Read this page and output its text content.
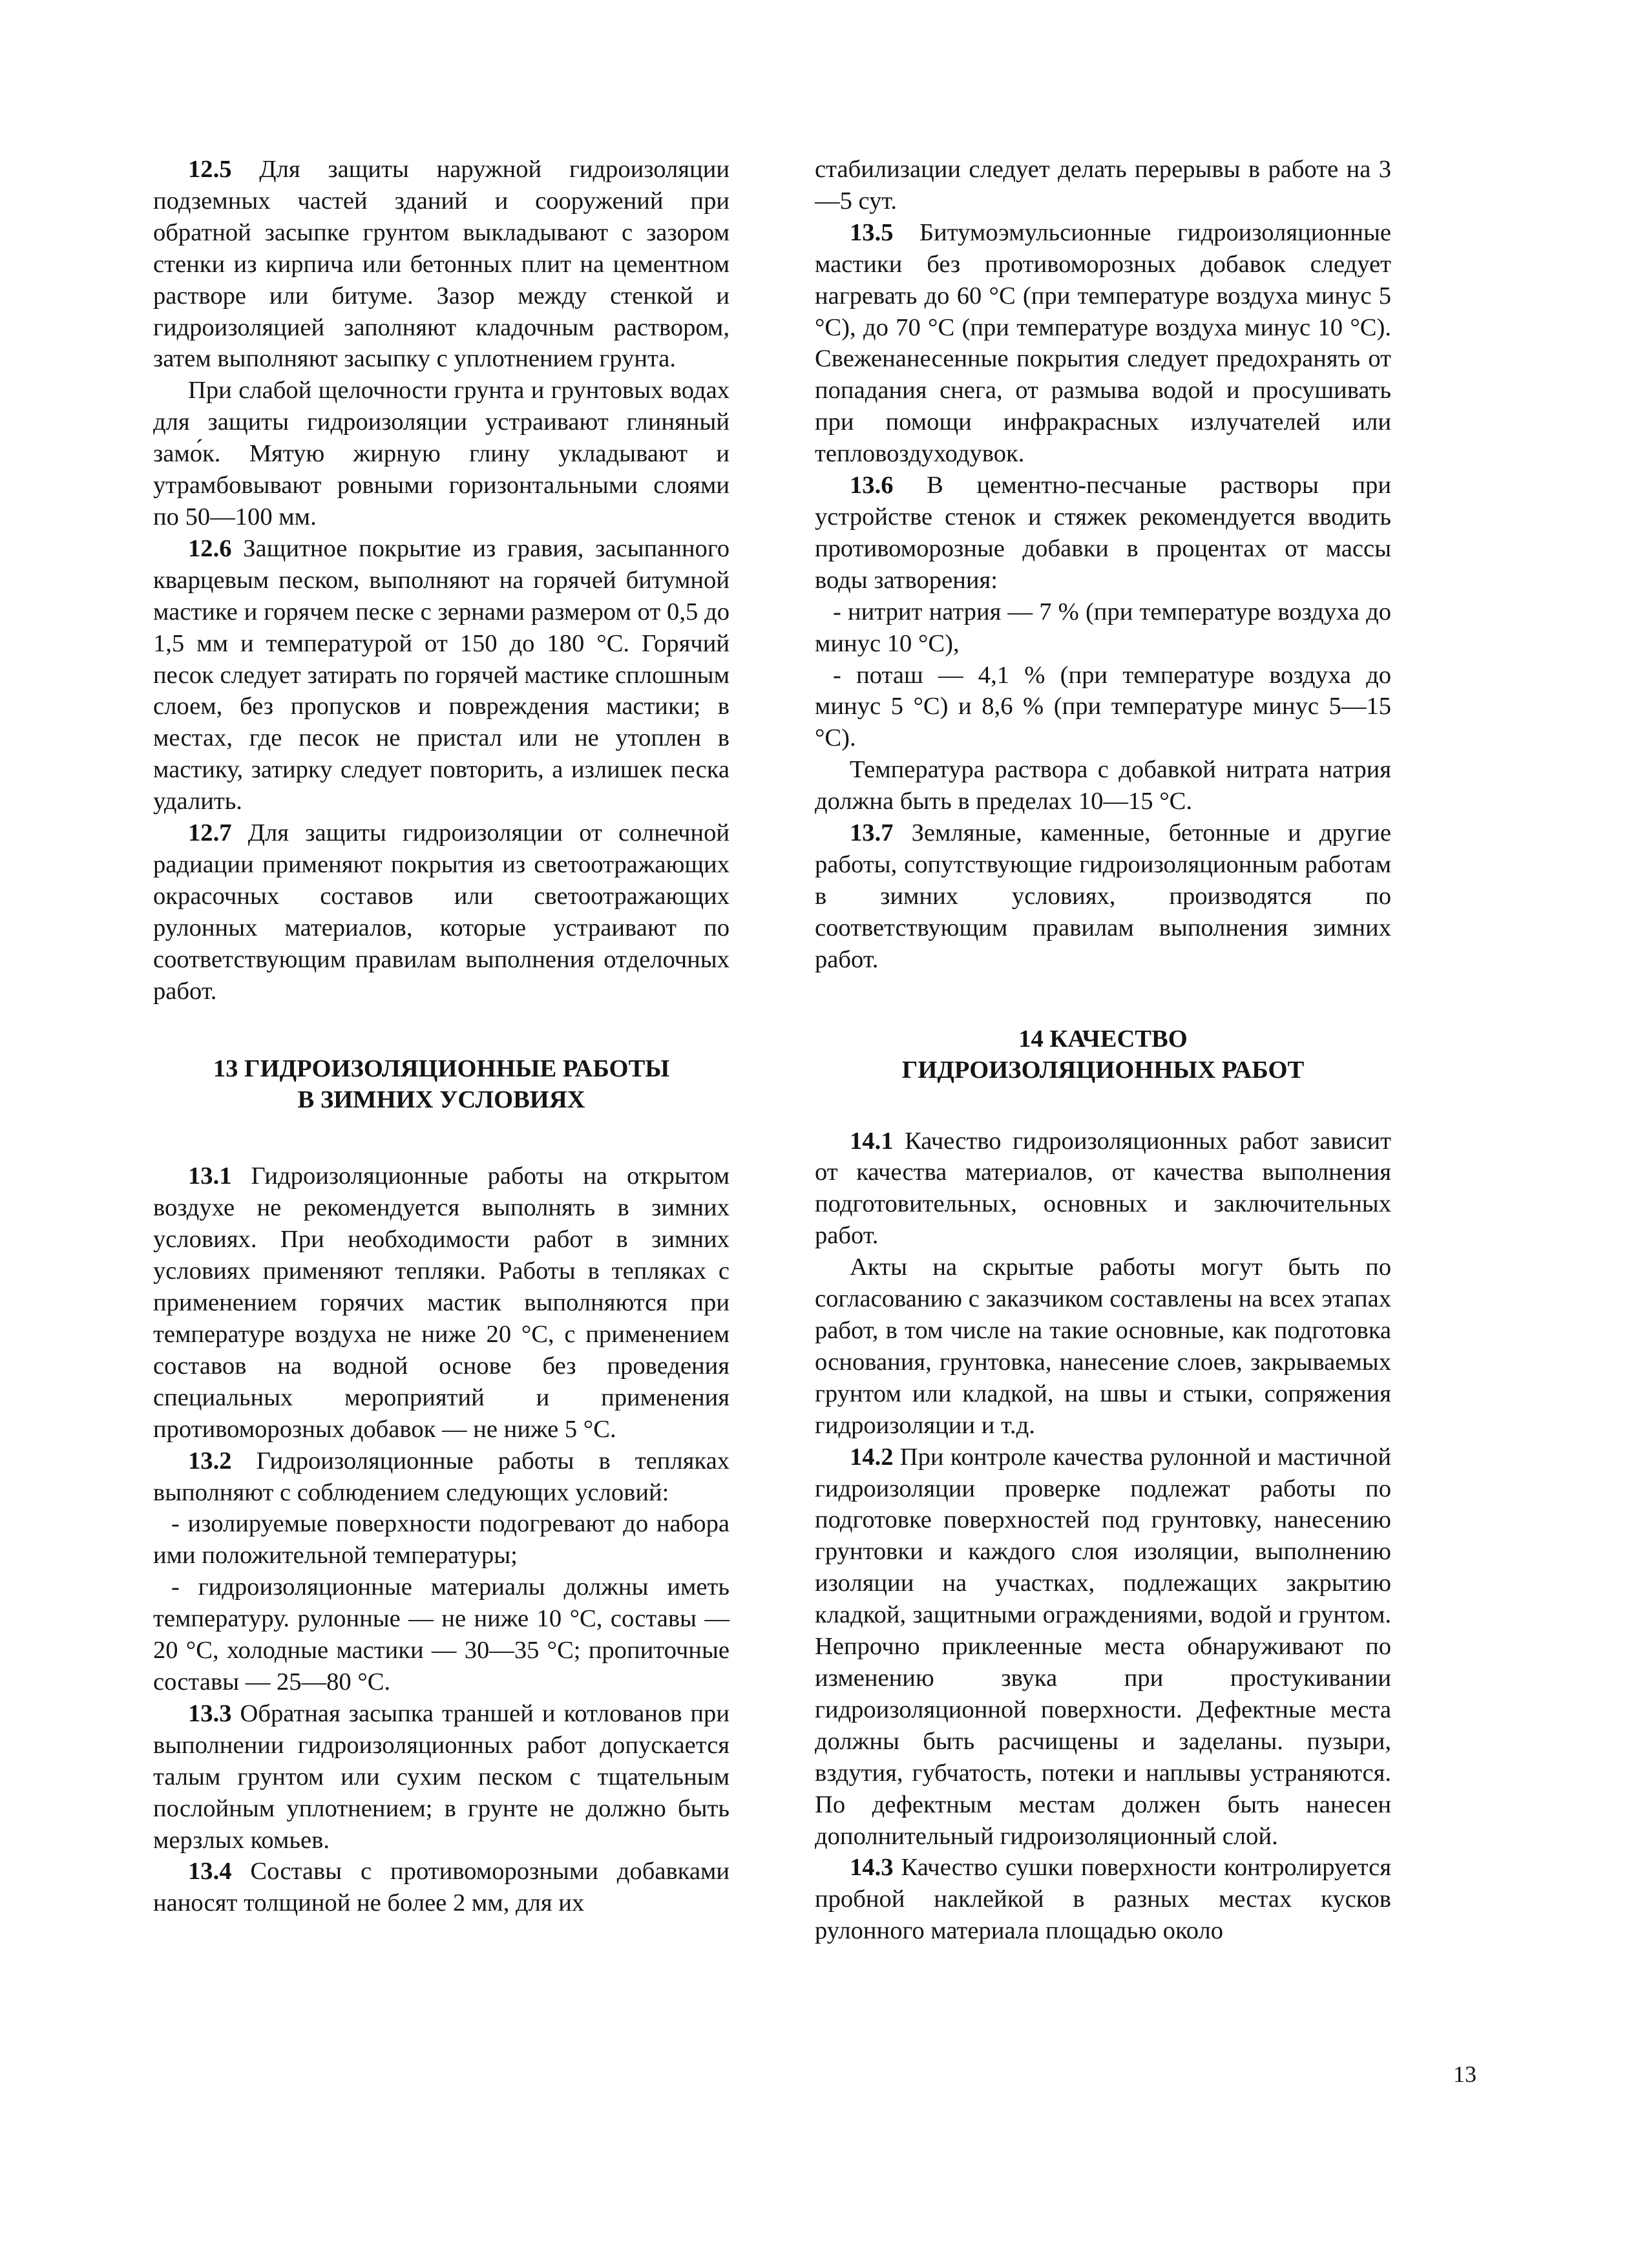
12.5 Для защиты наружной гидроизоляции подземных частей зданий и сооружений при обратной засыпке грунтом выкладывают с зазором стенки из кирпича или бетонных плит на цементном растворе или битуме. Зазор между стенкой и гидроизоляцией заполняют кладочным раствором, затем выполняют засыпку с уплотнением грунта.

При слабой щелочности грунта и грунтовых водах для защиты гидроизоляции устраивают глиняный замо́к. Мятую жирную глину укладывают и утрамбовывают ровными горизонтальными слоями по 50—100 мм.

12.6 Защитное покрытие из гравия, засыпанного кварцевым песком, выполняют на горячей битумной мастике и горячем песке с зернами размером от 0,5 до 1,5 мм и температурой от 150 до 180 °С. Горячий песок следует затирать по горячей мастике сплошным слоем, без пропусков и повреждения мастики; в местах, где песок не пристал или не утоплен в мастику, затирку следует повторить, а излишек песка удалить.

12.7 Для защиты гидроизоляции от солнечной радиации применяют покрытия из светоотражающих окрасочных составов или светоотражающих рулонных материалов, которые устраивают по соответствующим правилам выполнения отделочных работ.

13 ГИДРОИЗОЛЯЦИОННЫЕ РАБОТЫ
В ЗИМНИХ УСЛОВИЯХ

13.1 Гидроизоляционные работы на открытом воздухе не рекомендуется выполнять в зимних условиях. При необходимости работ в зимних условиях применяют тепляки. Работы в тепляках с применением горячих мастик выполняются при температуре воздуха не ниже 20 °С, с применением составов на водной основе без проведения специальных мероприятий и применения противоморозных добавок — не ниже 5 °С.

13.2 Гидроизоляционные работы в тепляках выполняют с соблюдением следующих условий:

- изолируемые поверхности подогревают до набора ими положительной температуры;

- гидроизоляционные материалы должны иметь температуру. рулонные — не ниже 10 °С, составы — 20 °С, холодные мастики — 30—35 °С; пропиточные составы — 25—80 °С.

13.3 Обратная засыпка траншей и котлованов при выполнении гидроизоляционных работ допускается талым грунтом или сухим песком с тщательным послойным уплотнением; в грунте не должно быть мерзлых комьев.

13.4 Составы с противоморозными добавками наносят толщиной не более 2 мм, для их

стабилизации следует делать перерывы в работе на 3—5 сут.

13.5 Битумоэмульсионные гидроизоляционные мастики без противоморозных добавок следует нагревать до 60 °С (при температуре воздуха минус 5 °С), до 70 °С (при температуре воздуха минус 10 °С). Свеженанесенные покрытия следует предохранять от попадания снега, от размыва водой и просушивать при помощи инфракрасных излучателей или тепловоздуходувок.

13.6 В цементно-песчаные растворы при устройстве стенок и стяжек рекомендуется вводить противоморозные добавки в процентах от массы воды затворения:

- нитрит натрия — 7 % (при температуре воздуха до минус 10 °С),

- поташ — 4,1 % (при температуре воздуха до минус 5 °С) и 8,6 % (при температуре минус 5—15 °С).

Температура раствора с добавкой нитрата натрия должна быть в пределах 10—15 °С.

13.7 Земляные, каменные, бетонные и другие работы, сопутствующие гидроизоляционным работам в зимних условиях, производятся по соответствующим правилам выполнения зимних работ.

14 КАЧЕСТВО
ГИДРОИЗОЛЯЦИОННЫХ РАБОТ

14.1 Качество гидроизоляционных работ зависит от качества материалов, от качества выполнения подготовительных, основных и заключительных работ.

Акты на скрытые работы могут быть по согласованию с заказчиком составлены на всех этапах работ, в том числе на такие основные, как подготовка основания, грунтовка, нанесение слоев, закрываемых грунтом или кладкой, на швы и стыки, сопряжения гидроизоляции и т.д.

14.2 При контроле качества рулонной и мастичной гидроизоляции проверке подлежат работы по подготовке поверхностей под грунтовку, нанесению грунтовки и каждого слоя изоляции, выполнению изоляции на участках, подлежащих закрытию кладкой, защитными ограждениями, водой и грунтом. Непрочно приклеенные места обнаруживают по изменению звука при простукивании гидроизоляционной поверхности. Дефектные места должны быть расчищены и заделаны. пузыри, вздутия, губчатость, потеки и наплывы устраняются. По дефектным местам должен быть нанесен дополнительный гидроизоляционный слой.

14.3 Качество сушки поверхности контролируется пробной наклейкой в разных местах кусков рулонного материала площадью около

13
